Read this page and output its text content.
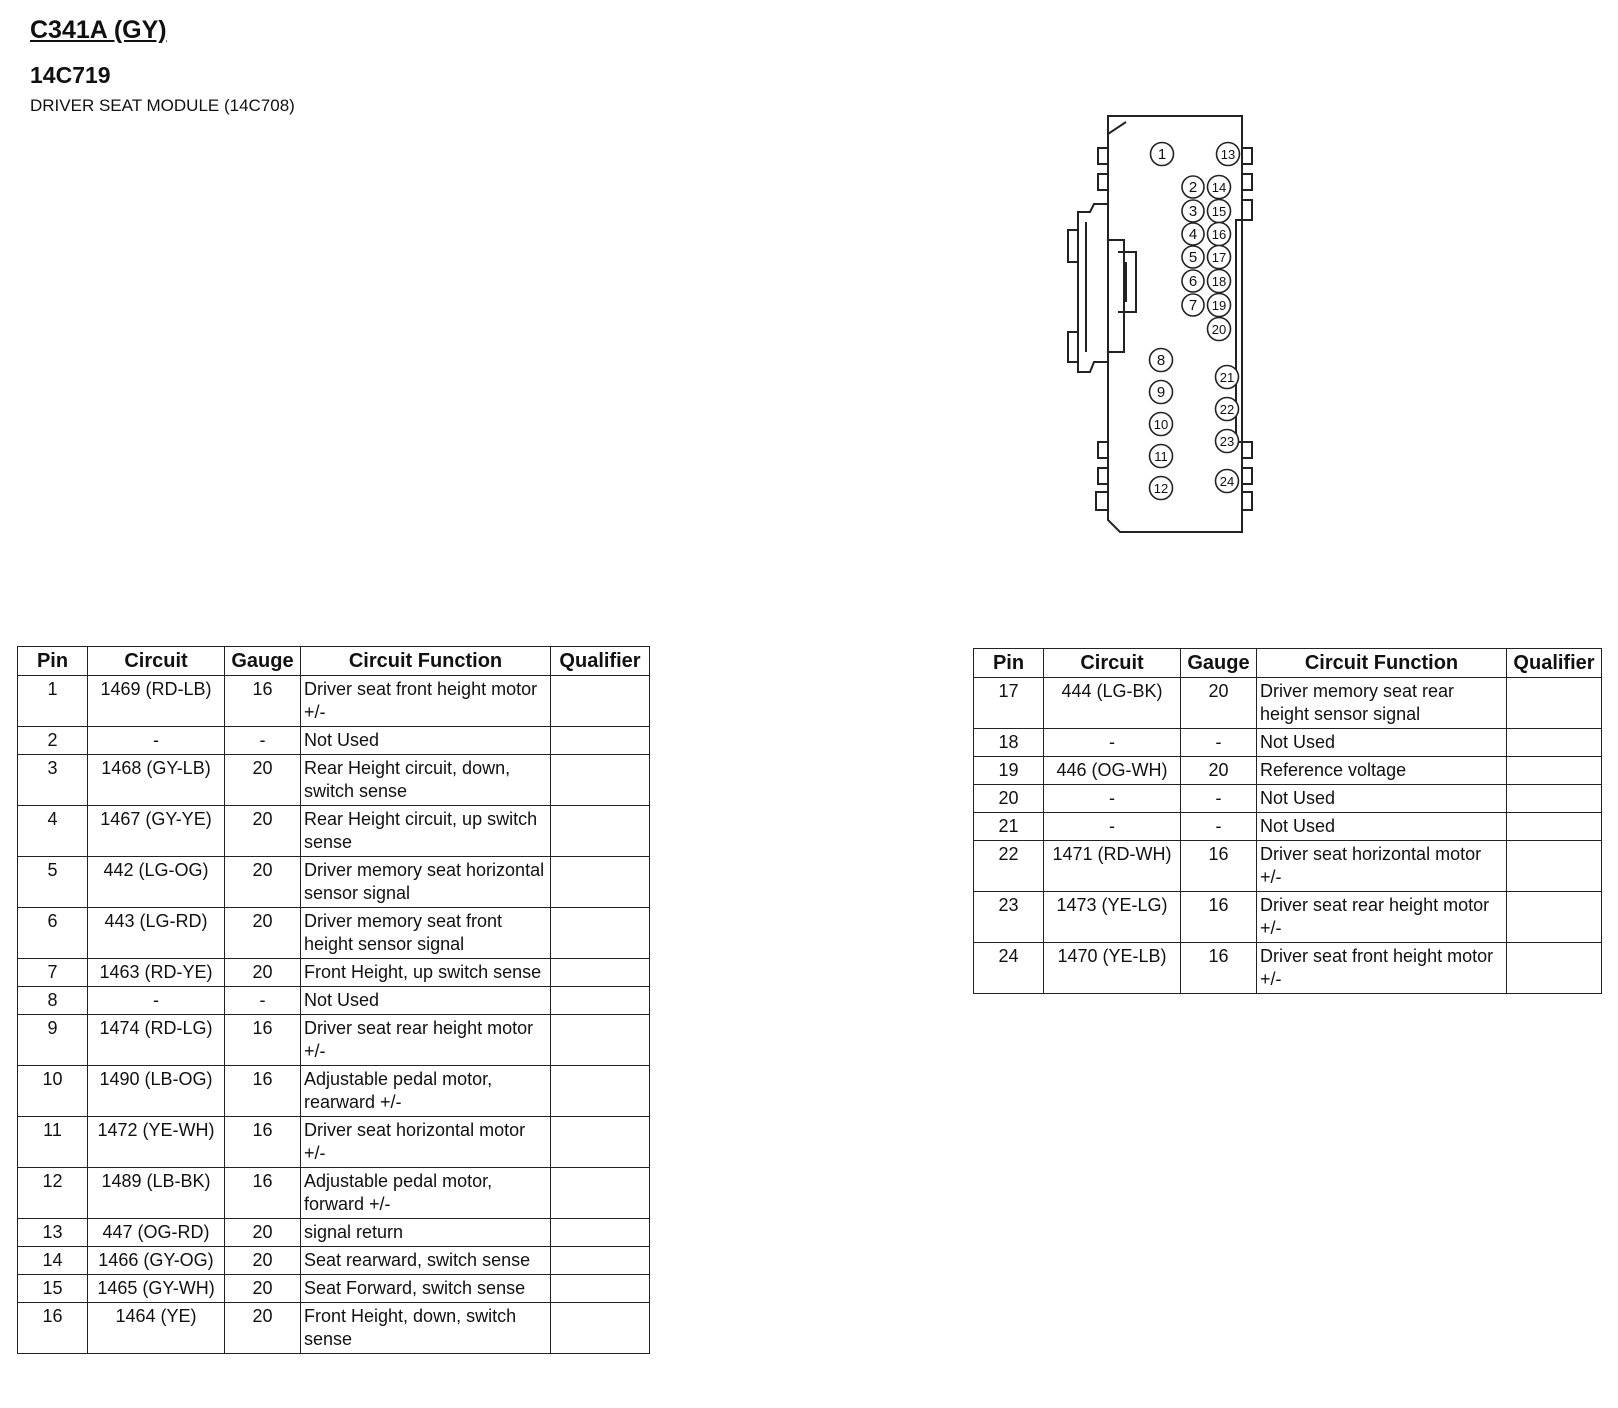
C341A (GY)
14C719
DRIVER SEAT MODULE (14C708)
1
2
3
4
5
6
7
8
9
10
11
12
13
14
15
16
17
18
19
20
21
22
23
24
Pin	Circuit	Gauge	Circuit Function	Qualifier
1	1469 (RD-LB)	16	Driver seat front height motor +/-	
2	-	-	Not Used	
3	1468 (GY-LB)	20	Rear Height circuit, down, switch sense	
4	1467 (GY-YE)	20	Rear Height circuit, up switch sense	
5	442 (LG-OG)	20	Driver memory seat horizontal sensor signal	
6	443 (LG-RD)	20	Driver memory seat front height sensor signal	
7	1463 (RD-YE)	20	Front Height, up switch sense	
8	-	-	Not Used	
9	1474 (RD-LG)	16	Driver seat rear height motor +/-	
10	1490 (LB-OG)	16	Adjustable pedal motor, rearward +/-	
11	1472 (YE-WH)	16	Driver seat horizontal motor +/-	
12	1489 (LB-BK)	16	Adjustable pedal motor, forward +/-	
13	447 (OG-RD)	20	signal return	
14	1466 (GY-OG)	20	Seat rearward, switch sense	
15	1465 (GY-WH)	20	Seat Forward, switch sense	
16	1464 (YE)	20	Front Height, down, switch sense	
Pin	Circuit	Gauge	Circuit Function	Qualifier
17	444 (LG-BK)	20	Driver memory seat rear height sensor signal	
18	-	-	Not Used	
19	446 (OG-WH)	20	Reference voltage	
20	-	-	Not Used	
21	-	-	Not Used	
22	1471 (RD-WH)	16	Driver seat horizontal motor +/-	
23	1473 (YE-LG)	16	Driver seat rear height motor +/-	
24	1470 (YE-LB)	16	Driver seat front height motor +/-	
